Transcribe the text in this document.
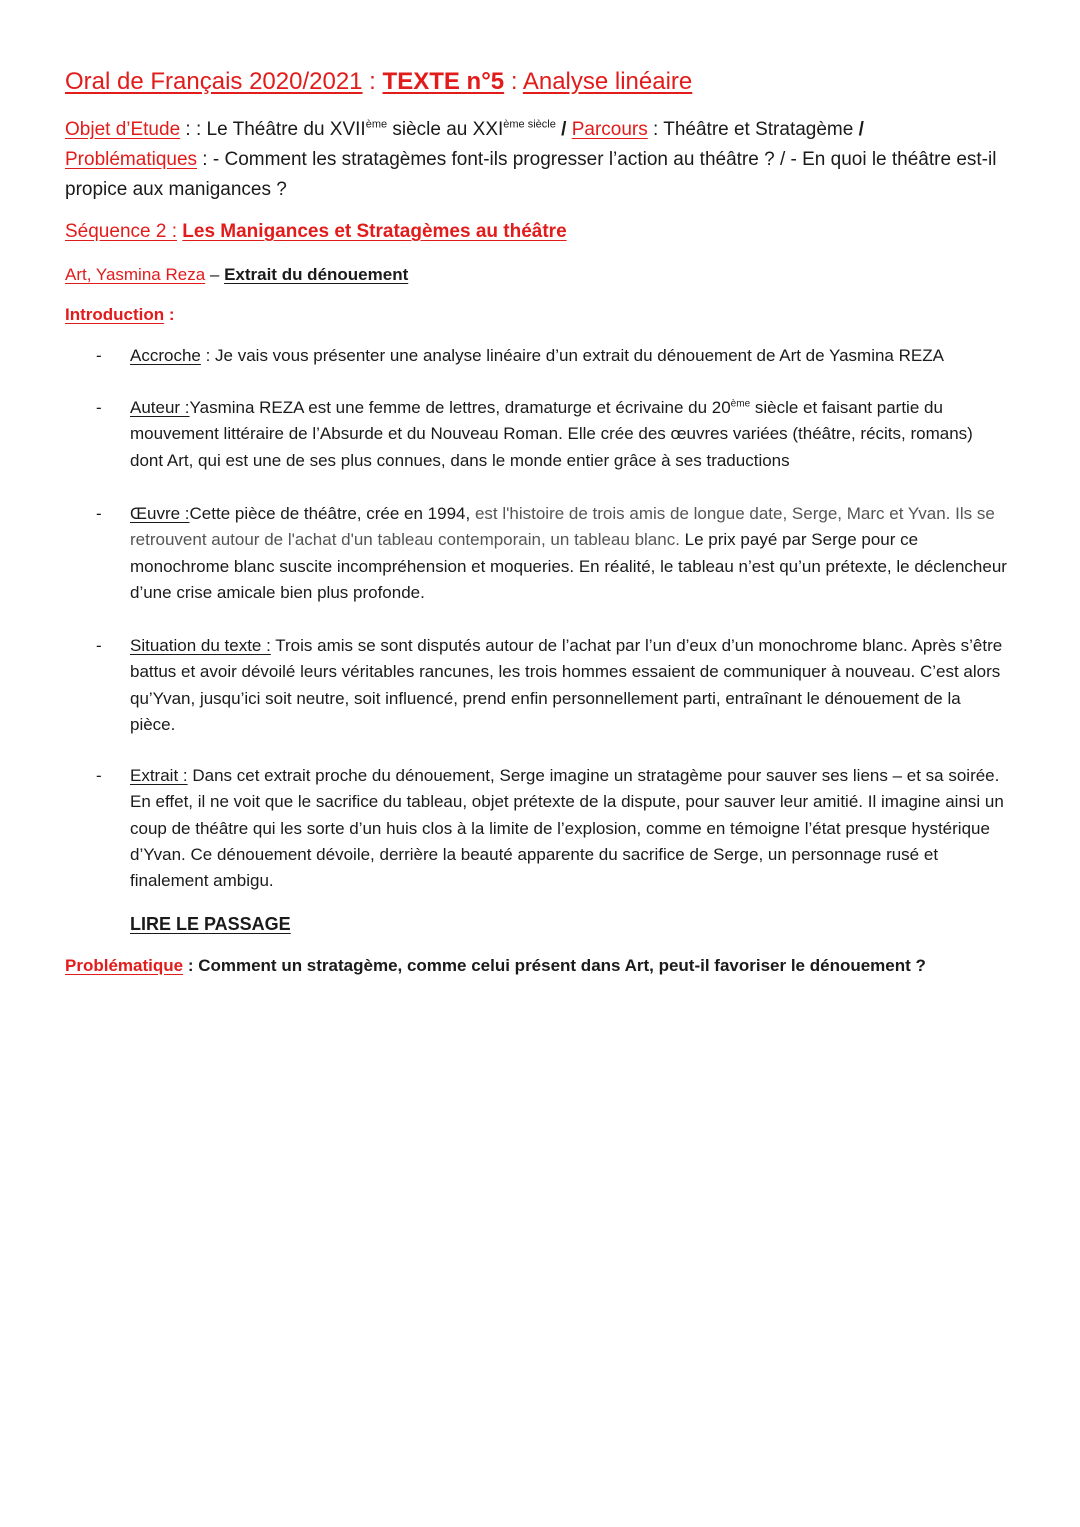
Oral de Français 2020/2021 : TEXTE n°5 : Analyse linéaire
Objet d’Etude : : Le Théâtre du XVIIème siècle au $XXI^{ème siècle}$ / Parcours : Théâtre et Stratagème /
Problématiques : - Comment les stratagèmes font-ils progresser l’action au théâtre ? / - En quoi le théâtre est-il propice aux manigances ?
Séquence 2 : Les Manigances et Stratagèmes au théâtre
Art, Yasmina Reza – Extrait du dénouement
Introduction :
- Accroche : Je vais vous présenter une analyse linéaire d’un extrait du dénouement de Art de Yasmina REZA
- Auteur :Yasmina REZA est une femme de lettres, dramaturge et écrivaine du 20ème siècle et faisant partie du mouvement littéraire de l’Absurde et du Nouveau Roman. Elle crée des œuvres variées (théâtre, récits, romans) dont Art, qui est une de ses plus connues, dans le monde entier grâce à ses traductions
- Œuvre :Cette pièce de théâtre, crée en 1994, est l'histoire de trois amis de longue date, Serge, Marc et Yvan. Ils se retrouvent autour de l'achat d'un tableau contemporain, un tableau blanc. Le prix payé par Serge pour ce monochrome blanc suscite incompréhension et moqueries. En réalité, le tableau n’est qu’un prétexte, le déclencheur d’une crise amicale bien plus profonde.
- Situation du texte : Trois amis se sont disputés autour de l’achat par l’un d’eux d’un monochrome blanc. Après s’être battus et avoir dévoilé leurs véritables rancunes, les trois hommes essaient de communiquer à nouveau. C’est alors qu’Yvan, jusqu’ici soit neutre, soit influencé, prend enfin personnellement parti, entraînant le dénouement de la pièce.
- Extrait : Dans cet extrait proche du dénouement, Serge imagine un stratagème pour sauver ses liens – et sa soirée. En effet, il ne voit que le sacrifice du tableau, objet prétexte de la dispute, pour sauver leur amitié. Il imagine ainsi un coup de théâtre qui les sorte d’un huis clos à la limite de l’explosion, comme en témoigne l’état presque hystérique d’Yvan. Ce dénouement dévoile, derrière la beauté apparente du sacrifice de Serge, un personnage rusé et finalement ambigu.
LIRE LE PASSAGE
Problématique : Comment un stratagème, comme celui présent dans Art, peut-il favoriser le dénouement ?
